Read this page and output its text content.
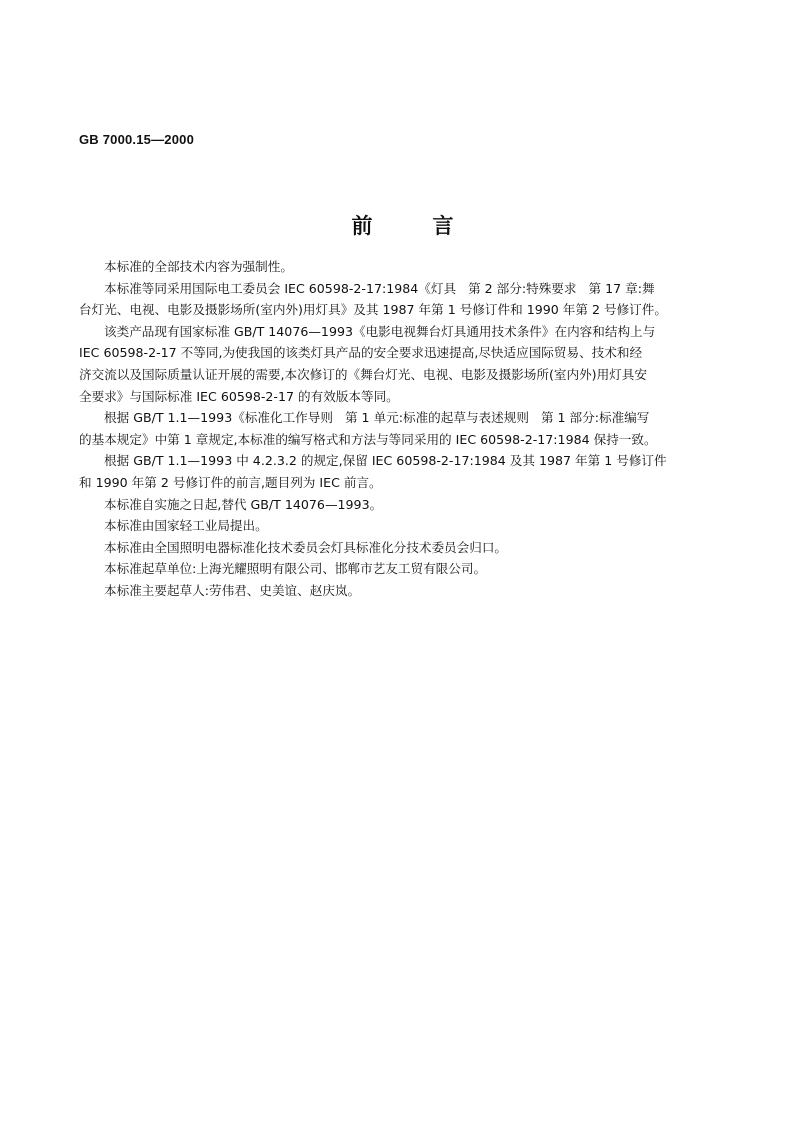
GB 7000.15—2000
前	言
本标准的全部技术内容为强制性。
本标准等同采用国际电工委员会 IEC 60598-2-17:1984《灯具 第 2 部分:特殊要求 第 17 章:舞
台灯光、电视、电影及摄影场所(室内外)用灯具》及其 1987 年第 1 号修订件和 1990 年第 2 号修订件。
该类产品现有国家标准 GB/T 14076—1993《电影电视舞台灯具通用技术条件》在内容和结构上与
IEC 60598-2-17 不等同,为使我国的该类灯具产品的安全要求迅速提高,尽快适应国际贸易、技术和经
济交流以及国际质量认证开展的需要,本次修订的《舞台灯光、电视、电影及摄影场所(室内外)用灯具安
全要求》与国际标准 IEC 60598-2-17 的有效版本等同。
根据 GB/T 1.1—1993《标准化工作导则 第 1 单元:标准的起草与表述规则 第 1 部分:标准编写
的基本规定》中第 1 章规定,本标准的编写格式和方法与等同采用的 IEC 60598-2-17:1984 保持一致。
根据 GB/T 1.1—1993 中 4.2.3.2 的规定,保留 IEC 60598-2-17:1984 及其 1987 年第 1 号修订件
和 1990 年第 2 号修订件的前言,题目列为 IEC 前言。
本标准自实施之日起,替代 GB/T 14076—1993。
本标准由国家轻工业局提出。
本标准由全国照明电器标准化技术委员会灯具标准化分技术委员会归口。
本标准起草单位:上海光耀照明有限公司、邯郸市艺友工贸有限公司。
本标准主要起草人:劳伟君、史美谊、赵庆岚。
